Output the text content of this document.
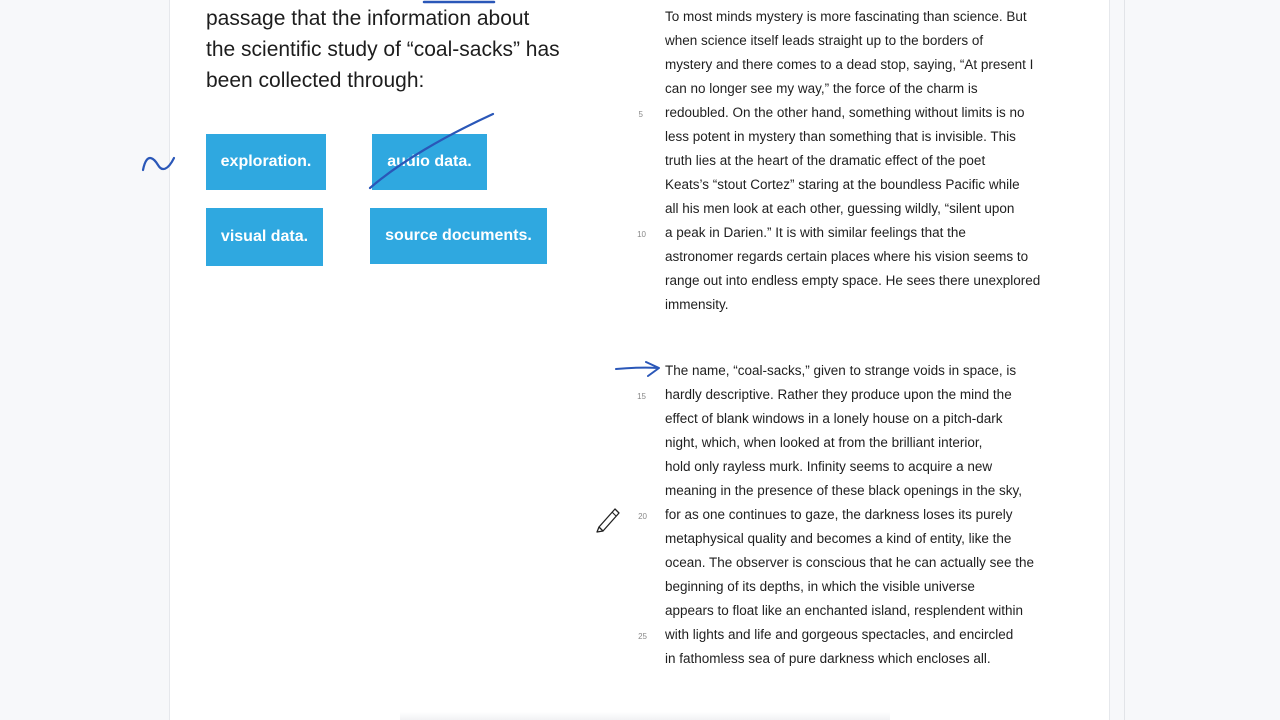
passage that the information about
the scientific study of “coal-sacks” has
been collected through:
exploration.	audio data.
visual data.	source documents.
To most minds mystery is more fascinating than science. But
when science itself leads straight up to the borders of
mystery and there comes to a dead stop, saying, “At present I
can no longer see my way,” the force of the charm is
redoubled. On the other hand, something without limits is no
less potent in mystery than something that is invisible. This
truth lies at the heart of the dramatic effect of the poet
Keats’s “stout Cortez” staring at the boundless Pacific while
all his men look at each other, guessing wildly, “silent upon
a peak in Darien.” It is with similar feelings that the
astronomer regards certain places where his vision seems to
range out into endless empty space. He sees there unexplored
immensity.
The name, “coal-sacks,” given to strange voids in space, is
hardly descriptive. Rather they produce upon the mind the
effect of blank windows in a lonely house on a pitch-dark
night, which, when looked at from the brilliant interior,
hold only rayless murk. Infinity seems to acquire a new
meaning in the presence of these black openings in the sky,
for as one continues to gaze, the darkness loses its purely
metaphysical quality and becomes a kind of entity, like the
ocean. The observer is conscious that he can actually see the
beginning of its depths, in which the visible universe
appears to float like an enchanted island, resplendent within
with lights and life and gorgeous spectacles, and encircled
in fathomless sea of pure darkness which encloses all.
5
10
15
20
25
